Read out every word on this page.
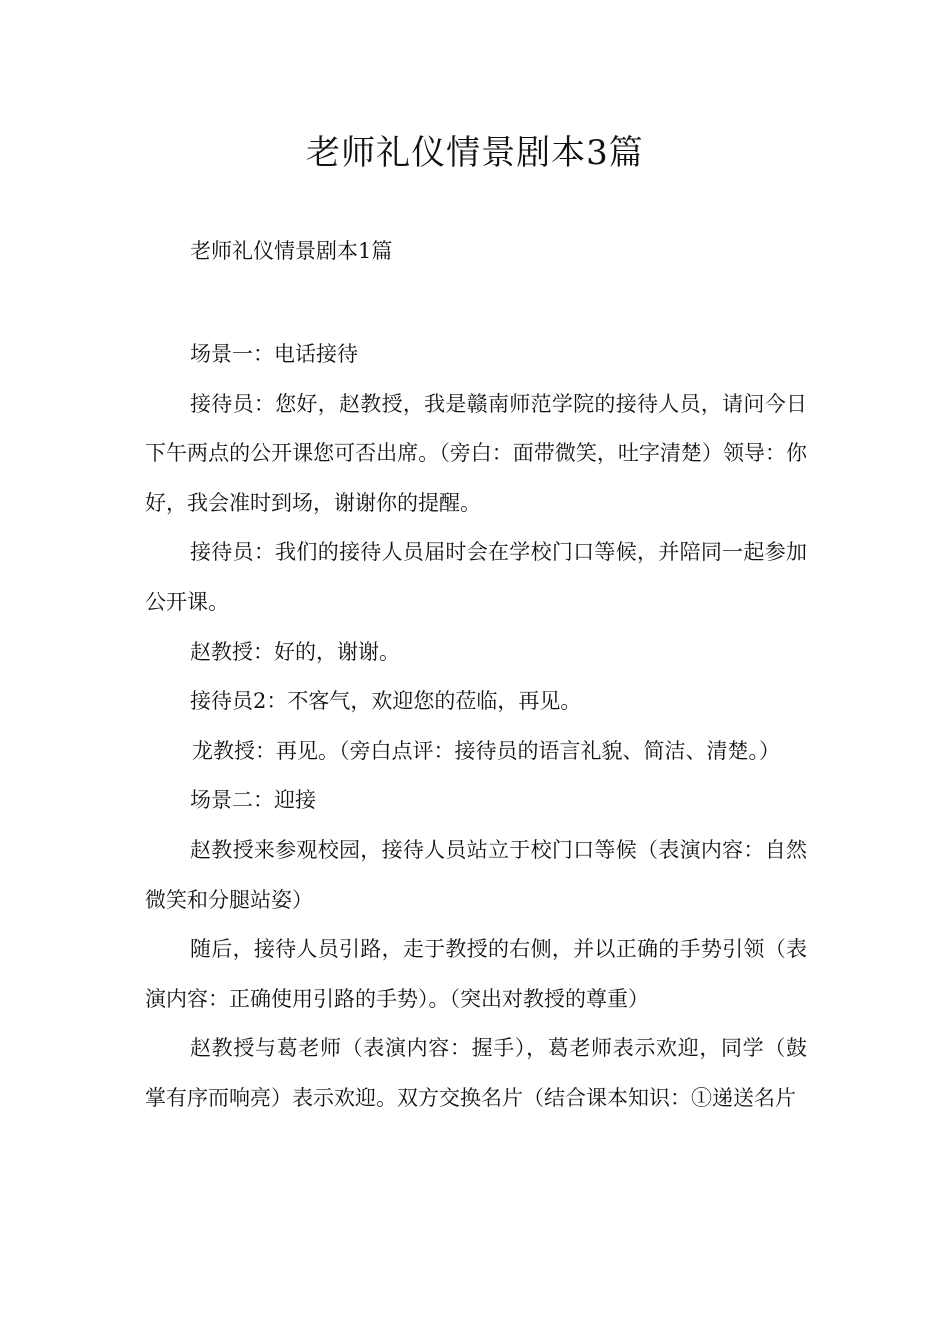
老师礼仪情景剧本3篇

老师礼仪情景剧本1篇

场景一：电话接待

接待员：您好，赵教授，我是赣南师范学院的接待人员，请问今日下午两点的公开课您可否出席。（旁白：面带微笑，吐字清楚）领导：你好，我会准时到场，谢谢你的提醒。

接待员：我们的接待人员届时会在学校门口等候，并陪同一起参加公开课。

赵教授：好的，谢谢。

接待员2：不客气，欢迎您的莅临，再见。

龙教授：再见。（旁白点评：接待员的语言礼貌、简洁、清楚。）

场景二：迎接

赵教授来参观校园，接待人员站立于校门口等候（表演内容：自然微笑和分腿站姿）

随后，接待人员引路，走于教授的右侧，并以正确的手势引领（表演内容：正确使用引路的手势）。（突出对教授的尊重）

赵教授与葛老师（表演内容：握手），葛老师表示欢迎，同学（鼓掌有序而响亮）表示欢迎。双方交换名片（结合课本知识：①递送名片
